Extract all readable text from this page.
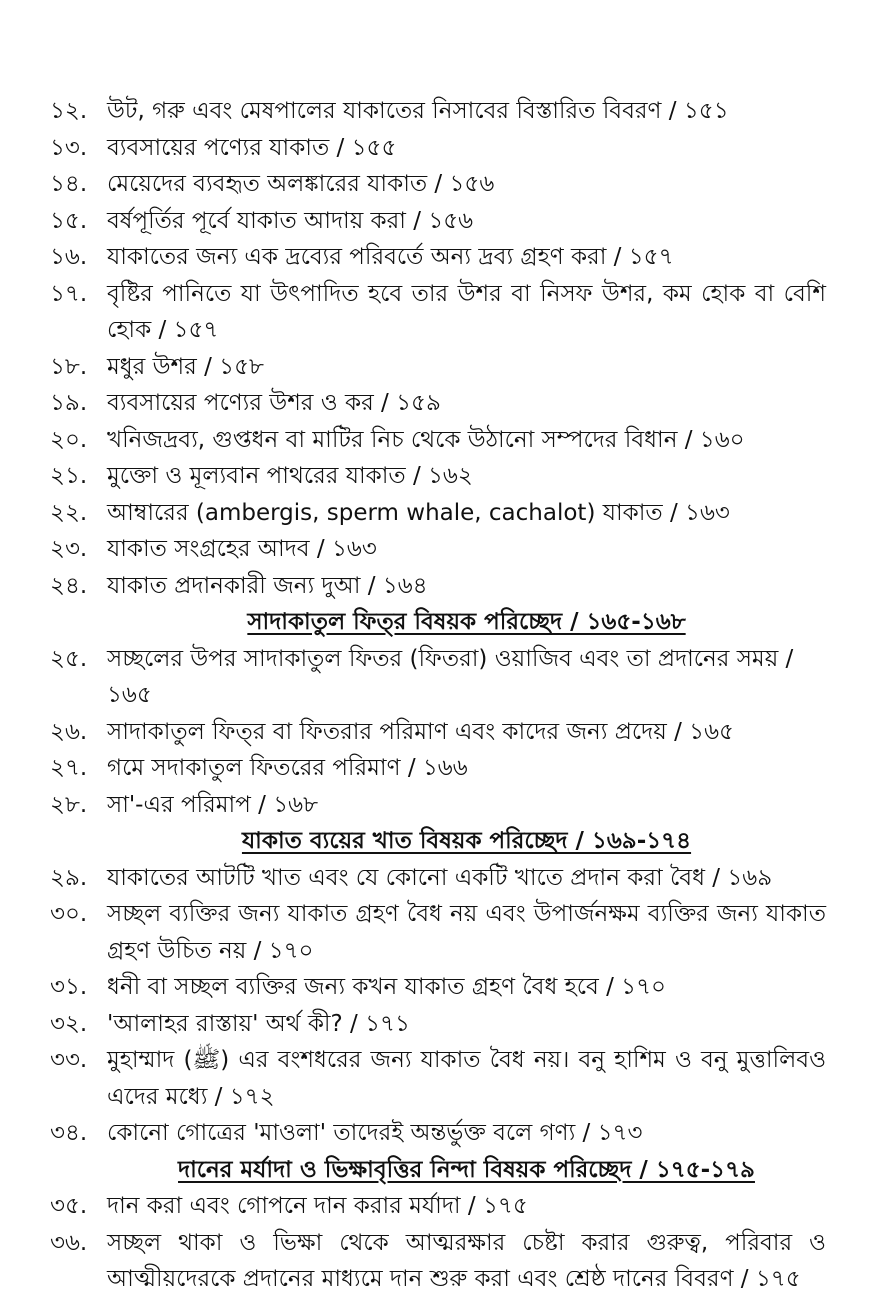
১২. উট, গরু এবং মেষপালের যাকাতের নিসাবের বিস্তারিত বিবরণ / ১৫১
১৩. ব্যবসায়ের পণ্যের যাকাত / ১৫৫
১৪. মেয়েদের ব্যবহৃত অলঙ্কারের যাকাত / ১৫৬
১৫. বর্ষপূর্তির পূর্বে যাকাত আদায় করা / ১৫৬
১৬. যাকাতের জন্য এক দ্রব্যের পরিবর্তে অন্য দ্রব্য গ্রহণ করা / ১৫৭
১৭. বৃষ্টির পানিতে যা উৎপাদিত হবে তার উশর বা নিসফ উশর, কম হোক বা বেশি হোক / ১৫৭
১৮. মধুর উশর / ১৫৮
১৯. ব্যবসায়ের পণ্যের উশর ও কর / ১৫৯
২০. খনিজদ্রব্য, গুপ্তধন বা মাটির নিচ থেকে উঠানো সম্পদের বিধান / ১৬০
২১. মুক্তো ও মূল্যবান পাথরের যাকাত / ১৬২
২২. আম্বারের (ambergis, sperm whale, cachalot) যাকাত / ১৬৩
২৩. যাকাত সংগ্রহের আদব / ১৬৩
২৪. যাকাত প্রদানকারী জন্য দুআ / ১৬৪
সাদাকাতুল ফিত্‌র বিষয়ক পরিচ্ছেদ / ১৬৫-১৬৮
২৫. সচ্ছলের উপর সাদাকাতুল ফিতর (ফিতরা) ওয়াজিব এবং তা প্রদানের সময় / ১৬৫
২৬. সাদাকাতুল ফিত্‌র বা ফিতরার পরিমাণ এবং কাদের জন্য প্রদেয় / ১৬৫
২৭. গমে সদাকাতুল ফিতরের পরিমাণ / ১৬৬
২৮. সা'-এর পরিমাপ / ১৬৮
যাকাত ব্যয়ের খাত বিষয়ক পরিচ্ছেদ / ১৬৯-১৭৪
২৯. যাকাতের আটটি খাত এবং যে কোনো একটি খাতে প্রদান করা বৈধ / ১৬৯
৩০. সচ্ছল ব্যক্তির জন্য যাকাত গ্রহণ বৈধ নয় এবং উপার্জনক্ষম ব্যক্তির জন্য যাকাত গ্রহণ উচিত নয় / ১৭০
৩১. ধনী বা সচ্ছল ব্যক্তির জন্য কখন যাকাত গ্রহণ বৈধ হবে / ১৭০
৩২. 'আলাহর রাস্তায়' অর্থ কী? / ১৭১
৩৩. মুহাম্মাদ (ﷺ) এর বংশধরের জন্য যাকাত বৈধ নয়। বনু হাশিম ও বনু মুত্তালিবও এদের মধ্যে / ১৭২
৩৪. কোনো গোত্রের 'মাওলা' তাদেরই অন্তর্ভুক্ত বলে গণ্য / ১৭৩
দানের মর্যাদা ও ভিক্ষাবৃত্তির নিন্দা বিষয়ক পরিচ্ছেদ / ১৭৫-১৭৯
৩৫. দান করা এবং গোপনে দান করার মর্যাদা / ১৭৫
৩৬. সচ্ছল থাকা ও ভিক্ষা থেকে আত্মরক্ষার চেষ্টা করার গুরুত্ব, পরিবার ও আত্মীয়দেরকে প্রদানের মাধ্যমে দান শুরু করা এবং শ্রেষ্ঠ দানের বিবরণ / ১৭৫
